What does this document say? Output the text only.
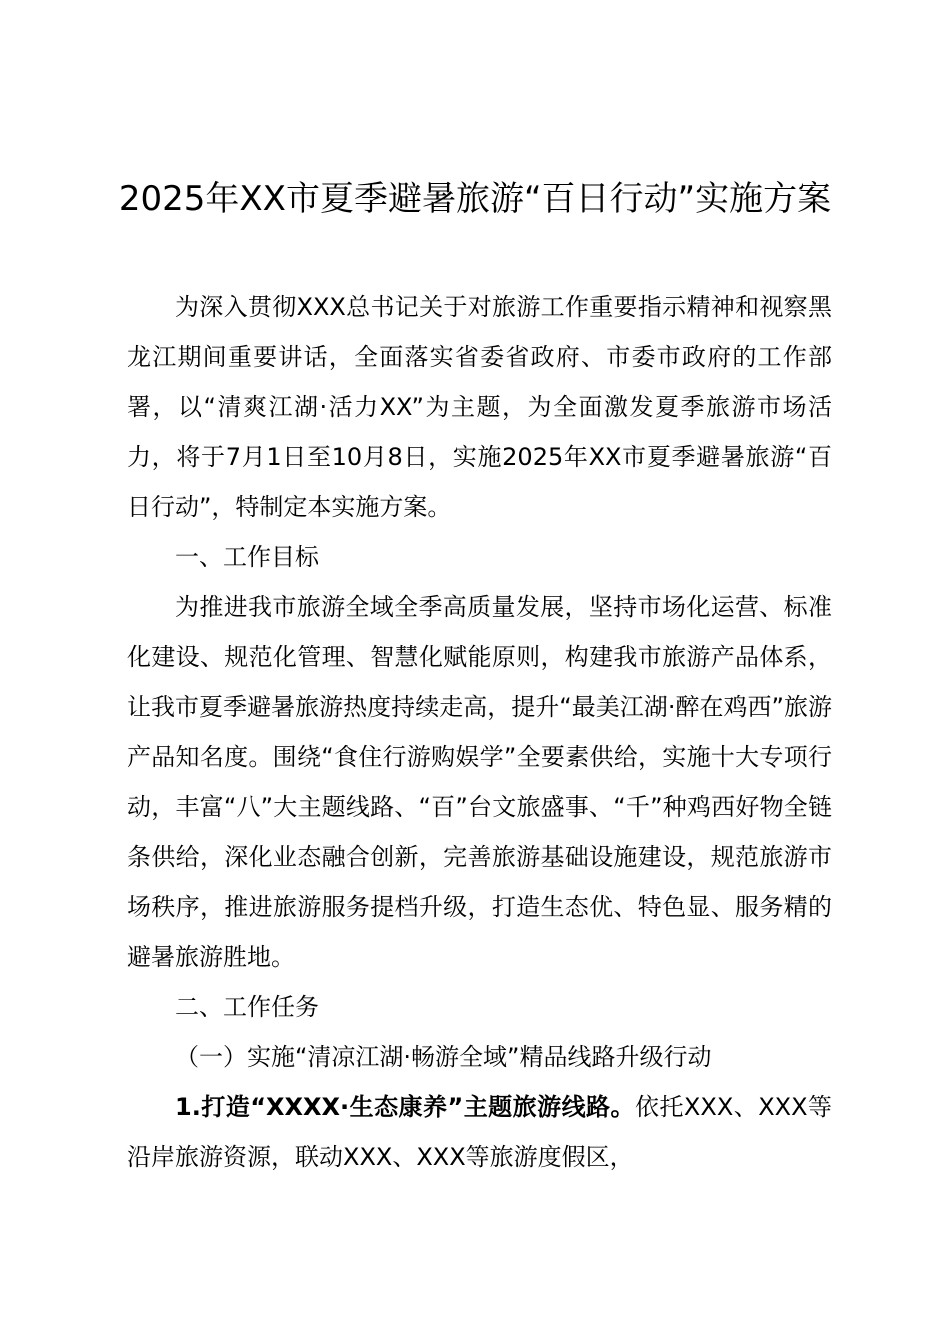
2025年XX市夏季避暑旅游“百日行动”实施方案

为深入贯彻XXX总书记关于对旅游工作重要指示精神和视察黑龙江期间重要讲话，全面落实省委省政府、市委市政府的工作部署，以“清爽江湖·活力XX”为主题，为全面激发夏季旅游市场活力，将于7月1日至10月8日，实施2025年XX市夏季避暑旅游“百日行动”，特制定本实施方案。

一、工作目标

为推进我市旅游全域全季高质量发展，坚持市场化运营、标准化建设、规范化管理、智慧化赋能原则，构建我市旅游产品体系，让我市夏季避暑旅游热度持续走高，提升“最美江湖·醉在鸡西”旅游产品知名度。围绕“食住行游购娱学”全要素供给，实施十大专项行动，丰富“八”大主题线路、“百”台文旅盛事、“千”种鸡西好物全链条供给，深化业态融合创新，完善旅游基础设施建设，规范旅游市场秩序，推进旅游服务提档升级，打造生态优、特色显、服务精的避暑旅游胜地。

二、工作任务

（一）实施“清凉江湖·畅游全域”精品线路升级行动

1.打造“XXXX·生态康养”主题旅游线路。依托XXX、XXX等沿岸旅游资源，联动XXX、XXX等旅游度假区，
